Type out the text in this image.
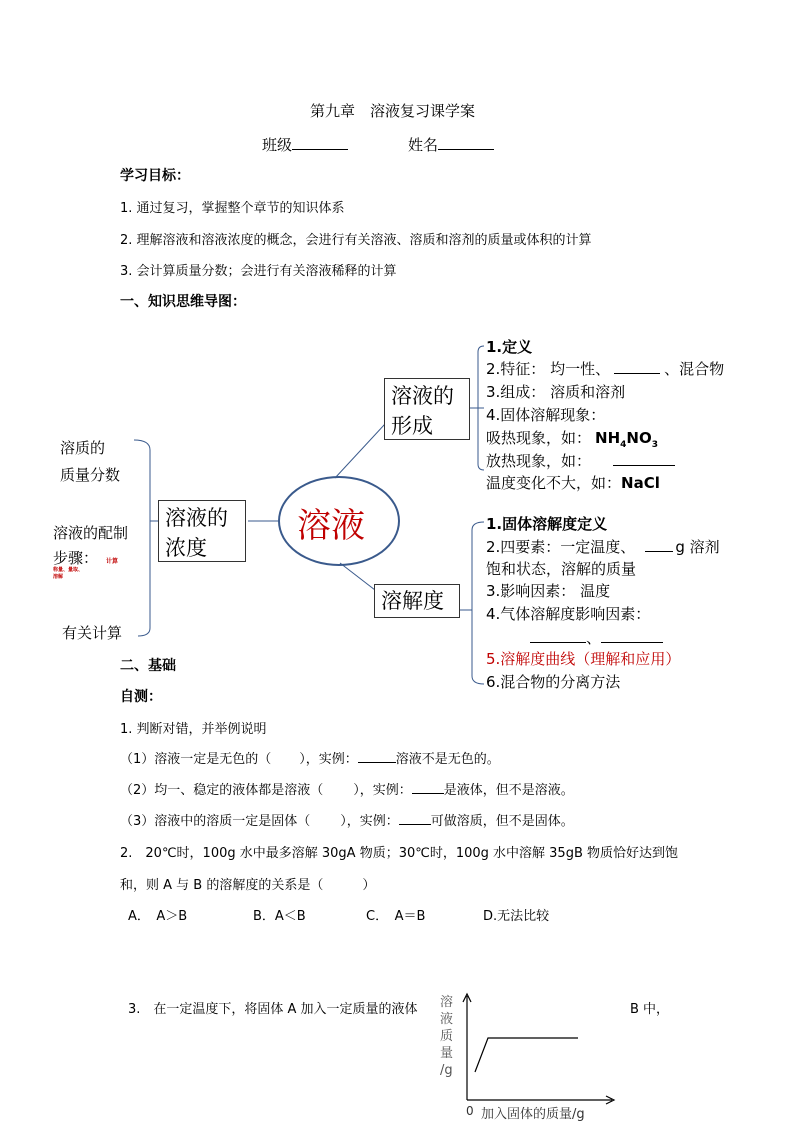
第九章　溶液复习课学案
班级	姓名
学习目标：
1. 通过复习，掌握整个章节的知识体系
2. 理解溶液和溶液浓度的概念，会进行有关溶液、溶质和溶剂的质量或体积的计算
3. 会计算质量分数；会进行有关溶液稀释的计算
一、知识思维导图：
溶液
溶液的
形成
溶液的
浓度
溶解度
1.定义
2.特征： 均一性、	、混合物
3.组成： 溶质和溶剂
4.固体溶解现象：
吸热现象，如： $NH_4NO_3$
放热现象，如：
温度变化不大，如：NaCl
溶质的
质量分数
溶液的配制
步骤： 计算
称量、量取、
溶解
有关计算
1.固体溶解度定义
2.四要素：一定温度、	g 溶剂
饱和状态，溶解的质量
3.影响因素： 温度
4.气体溶解度影响因素：
、
5.溶解度曲线（理解和应用）
6.混合物的分离方法
二、基础
自测：
1. 判断对错，并举例说明
（1）溶液一定是无色的（ ），实例：	溶液不是无色的。
（2）均一、稳定的液体都是溶液（ ），实例： 是液体，但不是溶液。
（3）溶液中的溶质一定是固体（ ），实例： 可做溶质，但不是固体。
2.　20℃时，100g 水中最多溶解 30gA 物质；30℃时，100g 水中溶解 35gB 物质恰好达到饱
和，则 A 与 B 的溶解度的关系是（　　　）
A．　A＞B	B．A＜B	C．　A＝B	D.无法比较
3.　在一定温度下，将固体 A 加入一定质量的液体	B 中，
溶
液
质
量
/g
0 加入固体的质量/g
